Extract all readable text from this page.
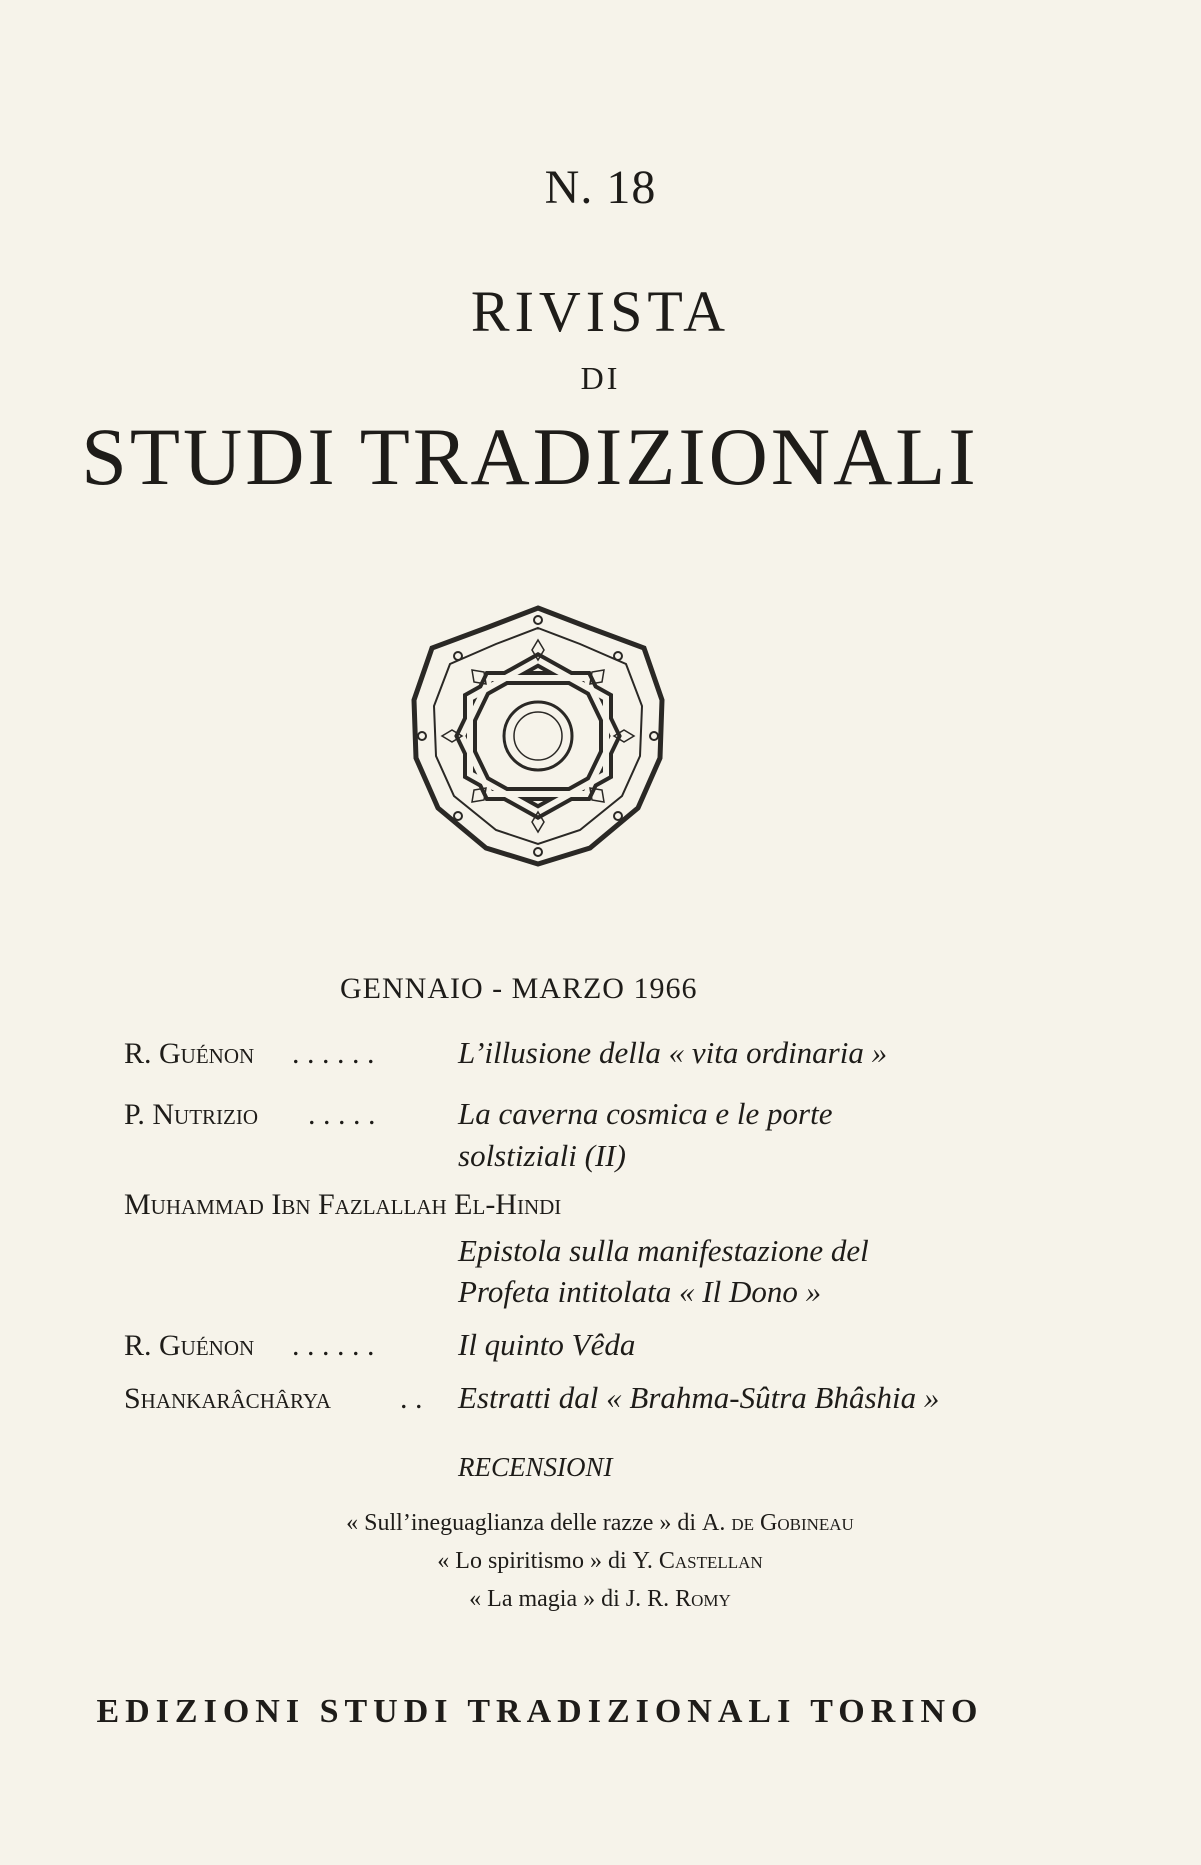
N. 18
RIVISTA
DI
STUDI TRADIZIONALI
GENNAIO - MARZO 1966
R. Guénon . . . . . .	L’illusione della « vita ordinaria »
P. Nutrizio . . . . .	La caverna cosmica e le porte
solstiziali (II)
Muhammad Ibn Fazlallah El-Hindi
Epistola sulla manifestazione del
Profeta intitolata « Il Dono »
R. Guénon . . . . . .	Il quinto Vêda
Shankarâchârya . . Estratti dal « Brahma-Sûtra Bhâshia »
RECENSIONI
« Sull’ineguaglianza delle razze » di A. de Gobineau
« Lo spiritismo » di Y. Castellan
« La magia » di J. R. Romy
EDIZIONI STUDI TRADIZIONALI TORINO
